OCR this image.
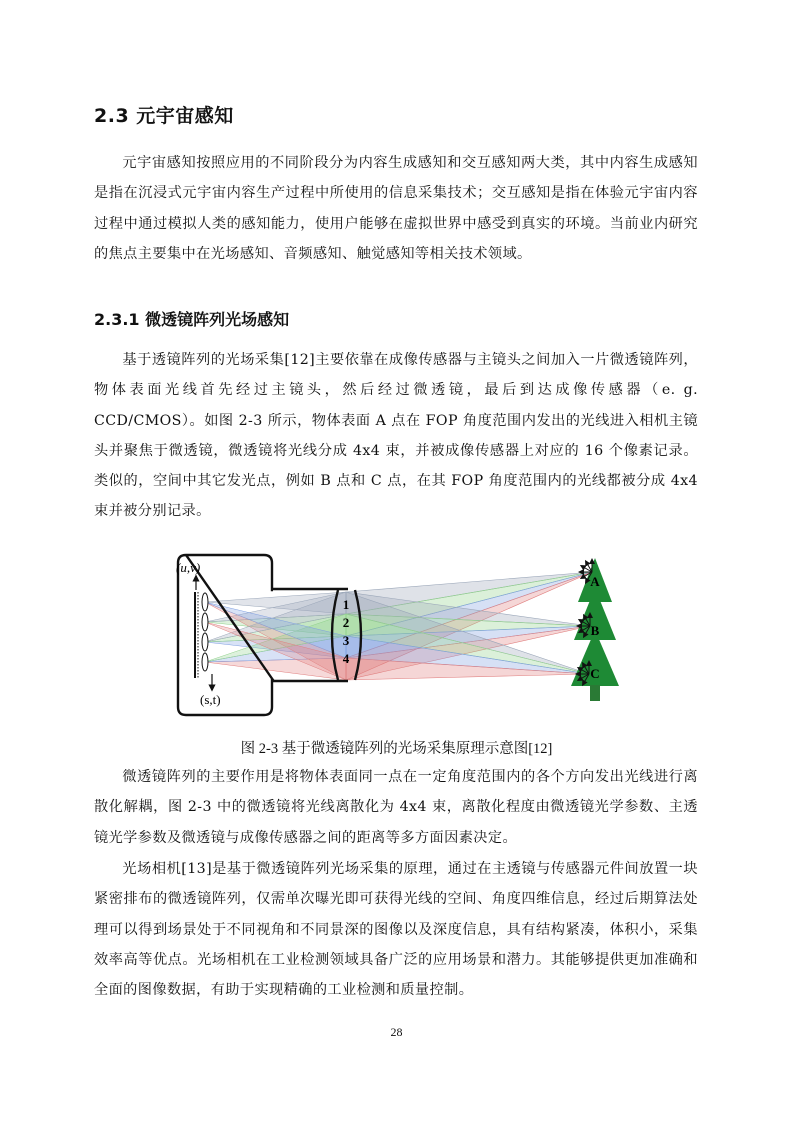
2.3 元宇宙感知

元宇宙感知按照应用的不同阶段分为内容生成感知和交互感知两大类，其中内容生成感知是指在沉浸式元宇宙内容生产过程中所使用的信息采集技术；交互感知是指在体验元宇宙内容过程中通过模拟人类的感知能力，使用户能够在虚拟世界中感受到真实的环境。当前业内研究的焦点主要集中在光场感知、音频感知、触觉感知等相关技术领域。

2.3.1 微透镜阵列光场感知

基于透镜阵列的光场采集[12]主要依靠在成像传感器与主镜头之间加入一片微透镜阵列，物体表面光线首先经过主镜头，然后经过微透镜，最后到达成像传感器（e. g. CCD/CMOS）。如图 2-3 所示，物体表面 A 点在 FOP 角度范围内发出的光线进入相机主镜头并聚焦于微透镜，微透镜将光线分成 4x4 束，并被成像传感器上对应的 16 个像素记录。类似的，空间中其它发光点，例如 B 点和 C 点，在其 FOP 角度范围内的光线都被分成 4x4 束并被分别记录。

1
2
3
4
(u,v)
(s,t)
A
B
C
图 2-3 基于微透镜阵列的光场采集原理示意图[12]

微透镜阵列的主要作用是将物体表面同一点在一定角度范围内的各个方向发出光线进行离散化解耦，图 2-3 中的微透镜将光线离散化为 4x4 束，离散化程度由微透镜光学参数、主透镜光学参数及微透镜与成像传感器之间的距离等多方面因素决定。

光场相机[13]是基于微透镜阵列光场采集的原理，通过在主透镜与传感器元件间放置一块紧密排布的微透镜阵列，仅需单次曝光即可获得光线的空间、角度四维信息，经过后期算法处理可以得到场景处于不同视角和不同景深的图像以及深度信息，具有结构紧凑，体积小，采集效率高等优点。光场相机在工业检测领域具备广泛的应用场景和潜力。其能够提供更加准确和全面的图像数据，有助于实现精确的工业检测和质量控制。

28
